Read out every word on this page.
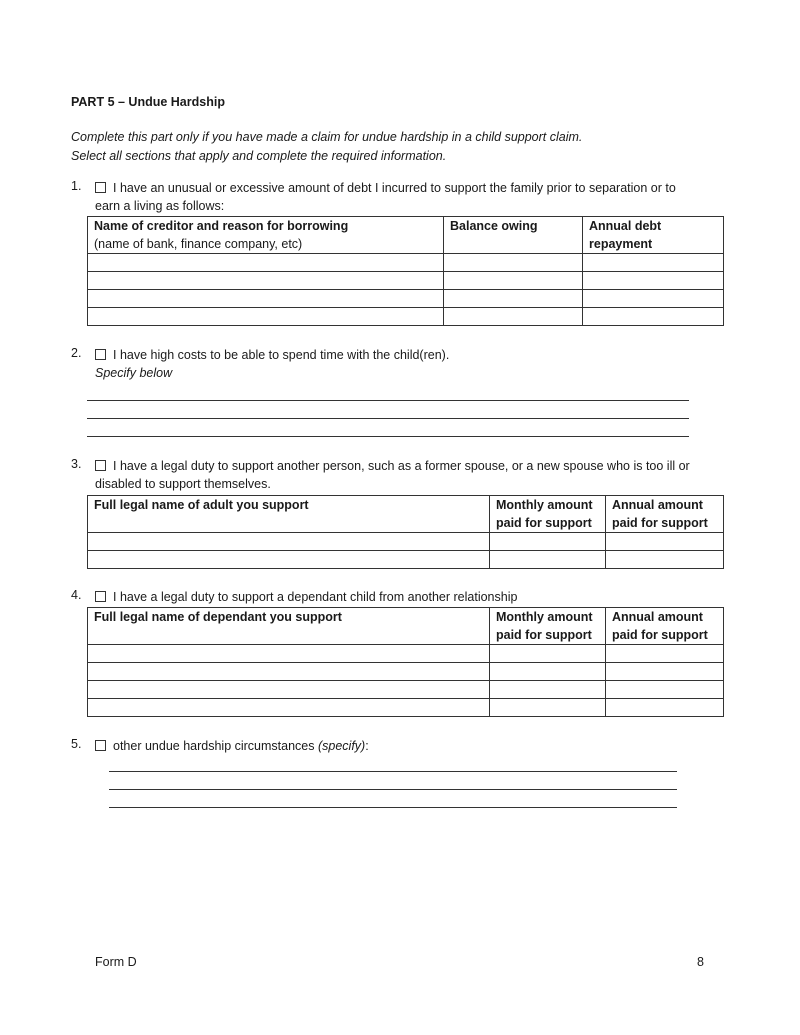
PART 5 – Undue Hardship
Complete this part only if you have made a claim for undue hardship in a child support claim.
Select all sections that apply and complete the required information.
1.	I have an unusual or excessive amount of debt I incurred to support the family prior to separation or to
earn a living as follows:
Name of creditor and reason for borrowing
(name of bank, finance company, etc)	Balance owing	Annual debt
repayment

2.	I have high costs to be able to spend time with the child(ren).
Specify below
3.	I have a legal duty to support another person, such as a former spouse, or a new spouse who is too ill or
disabled to support themselves.
Full legal name of adult you support	Monthly amount
paid for support	Annual amount
paid for support

4.	I have a legal duty to support a dependant child from another relationship
Full legal name of dependant you support	Monthly amount
paid for support	Annual amount
paid for support

5.	other undue hardship circumstances (specify):
Form D	8
